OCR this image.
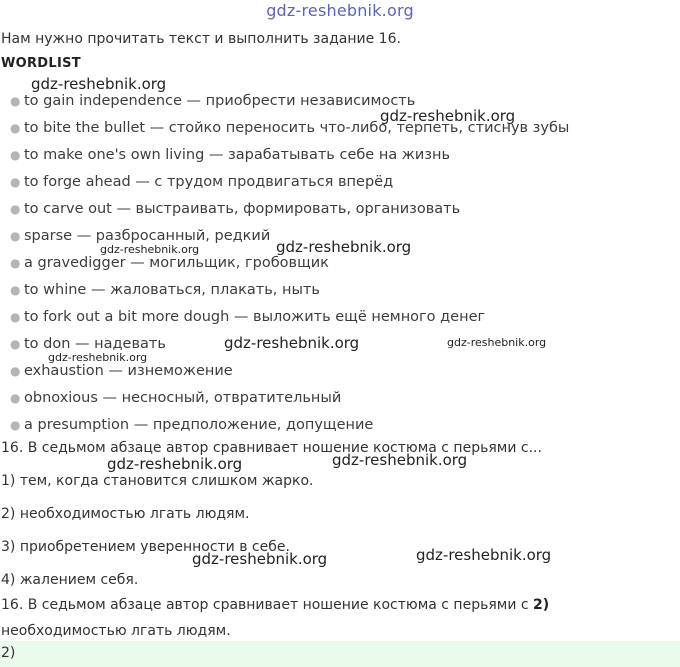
gdz-reshebnik.org
Нам нужно прочитать текст и выполнить задание 16.
WORDLIST
● to gain independence — приобрести независимость
● to bite the bullet — стойко переносить что-либо, терпеть, стиснув зубы
● to make one's own living — зарабатывать себе на жизнь
● to forge ahead — с трудом продвигаться вперёд
● to carve out — выстраивать, формировать, организовать
● sparse — разбросанный, редкий
● a gravedigger — могильщик, гробовщик
● to whine — жаловаться, плакать, ныть
● to fork out a bit more dough — выложить ещё немного денег
● to don — надевать
● exhaustion — изнеможение
● obnoxious — несносный, отвратительный
● a presumption — предположение, допущение
16. В седьмом абзаце автор сравнивает ношение костюма с перьями с...
1) тем, когда становится слишком жарко.
2) необходимостью лгать людям.
3) приобретением уверенности в себе.
4) жалением себя.
16. В седьмом абзаце автор сравнивает ношение костюма с перьями с 2)
необходимостью лгать людям.
2)
gdz-reshebnik.org
gdz-reshebnik.org
gdz-reshebnik.org	gdz-reshebnik.org
gdz-reshebnik.org	gdz-reshebnik.org
gdz-reshebnik.org
gdz-reshebnik.org	gdz-reshebnik.org
gdz-reshebnik.org	gdz-reshebnik.org
